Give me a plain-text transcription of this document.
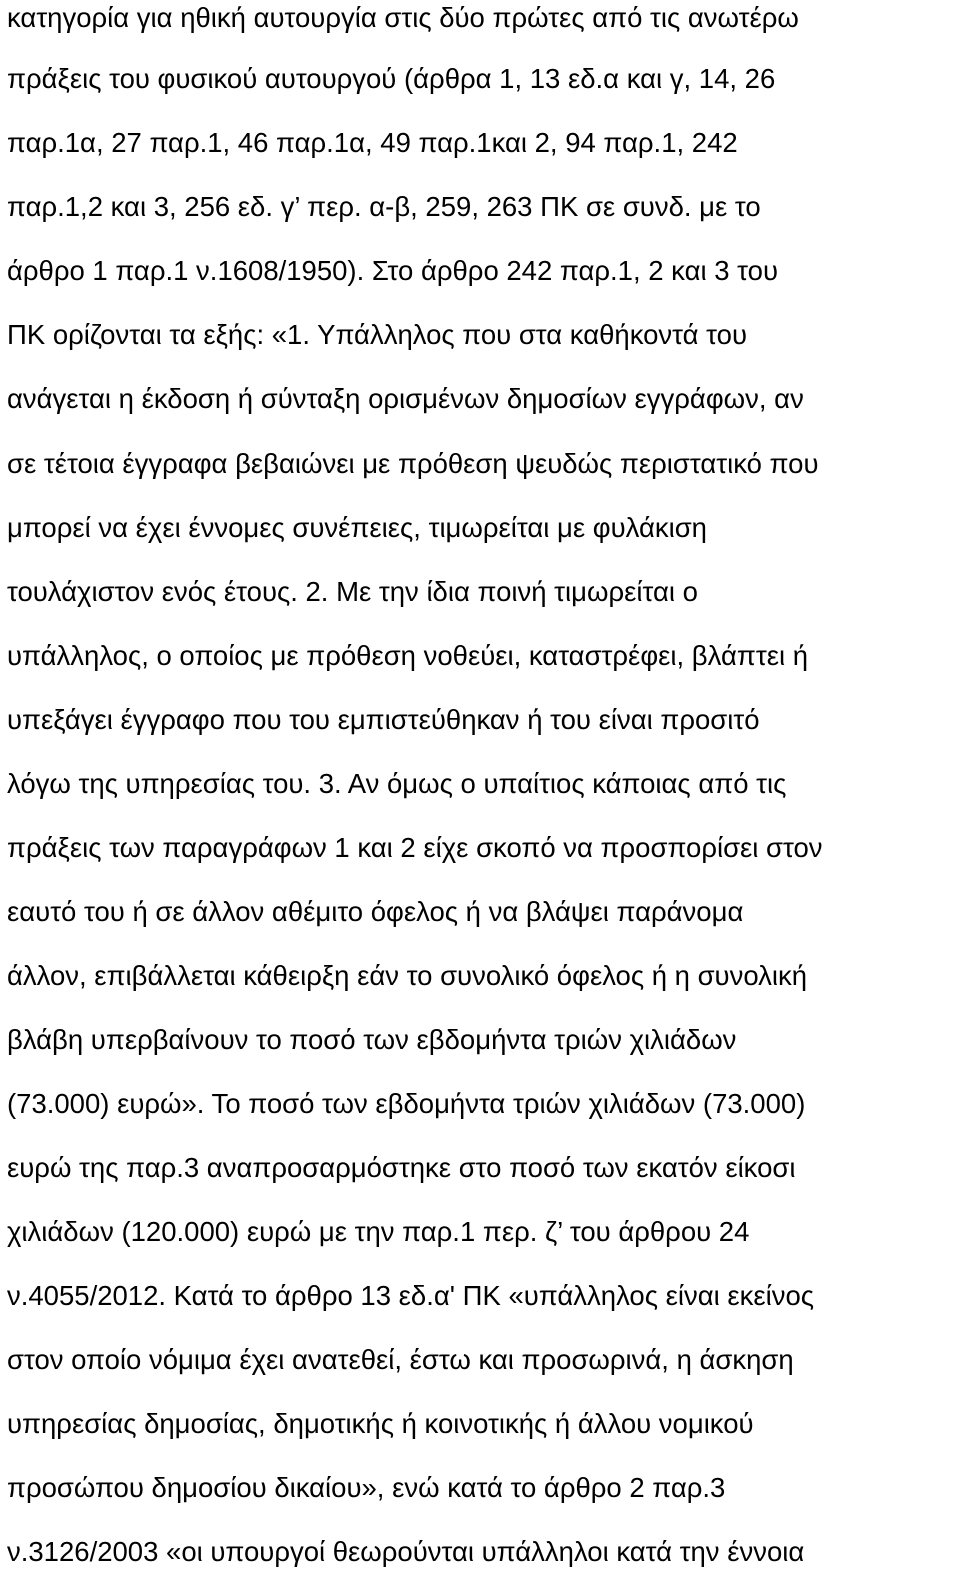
κατηγορία για ηθική αυτουργία στις δύο πρώτες από τις ανωτέρω
πράξεις του φυσικού αυτουργού (άρθρα 1, 13 εδ.α και γ, 14, 26
παρ.1α, 27 παρ.1, 46 παρ.1α, 49 παρ.1και 2, 94 παρ.1, 242
παρ.1,2 και 3, 256 εδ. γ’ περ. α-β, 259, 263 ΠΚ σε συνδ. με το
άρθρο 1 παρ.1 ν.1608/1950). Στο άρθρο 242 παρ.1, 2 και 3 του
ΠΚ ορίζονται τα εξής: «1. Υπάλληλος που στα καθήκοντά του
ανάγεται η έκδοση ή σύνταξη ορισμένων δημοσίων εγγράφων, αν
σε τέτοια έγγραφα βεβαιώνει με πρόθεση ψευδώς περιστατικό που
μπορεί να έχει έννομες συνέπειες, τιμωρείται με φυλάκιση
τουλάχιστον ενός έτους. 2. Με την ίδια ποινή τιμωρείται ο
υπάλληλος, ο οποίος με πρόθεση νοθεύει, καταστρέφει, βλάπτει ή
υπεξάγει έγγραφο που του εμπιστεύθηκαν ή του είναι προσιτό
λόγω της υπηρεσίας του. 3. Αν όμως ο υπαίτιος κάποιας από τις
πράξεις των παραγράφων 1 και 2 είχε σκοπό να προσπορίσει στον
εαυτό του ή σε άλλον αθέμιτο όφελος ή να βλάψει παράνομα
άλλον, επιβάλλεται κάθειρξη εάν το συνολικό όφελος ή η συνολική
βλάβη υπερβαίνουν το ποσό των εβδομήντα τριών χιλιάδων
(73.000) ευρώ». Το ποσό των εβδομήντα τριών χιλιάδων (73.000)
ευρώ της παρ.3 αναπροσαρμόστηκε στο ποσό των εκατόν είκοσι
χιλιάδων (120.000) ευρώ με την παρ.1 περ. ζ’ του άρθρου 24
ν.4055/2012. Κατά το άρθρο 13 εδ.α' ΠΚ «υπάλληλος είναι εκείνος
στον οποίο νόμιμα έχει ανατεθεί, έστω και προσωρινά, η άσκηση
υπηρεσίας δημοσίας, δημοτικής ή κοινοτικής ή άλλου νομικού
προσώπου δημοσίου δικαίου», ενώ κατά το άρθρο 2 παρ.3
ν.3126/2003 «οι υπουργοί θεωρούνται υπάλληλοι κατά την έννοια
